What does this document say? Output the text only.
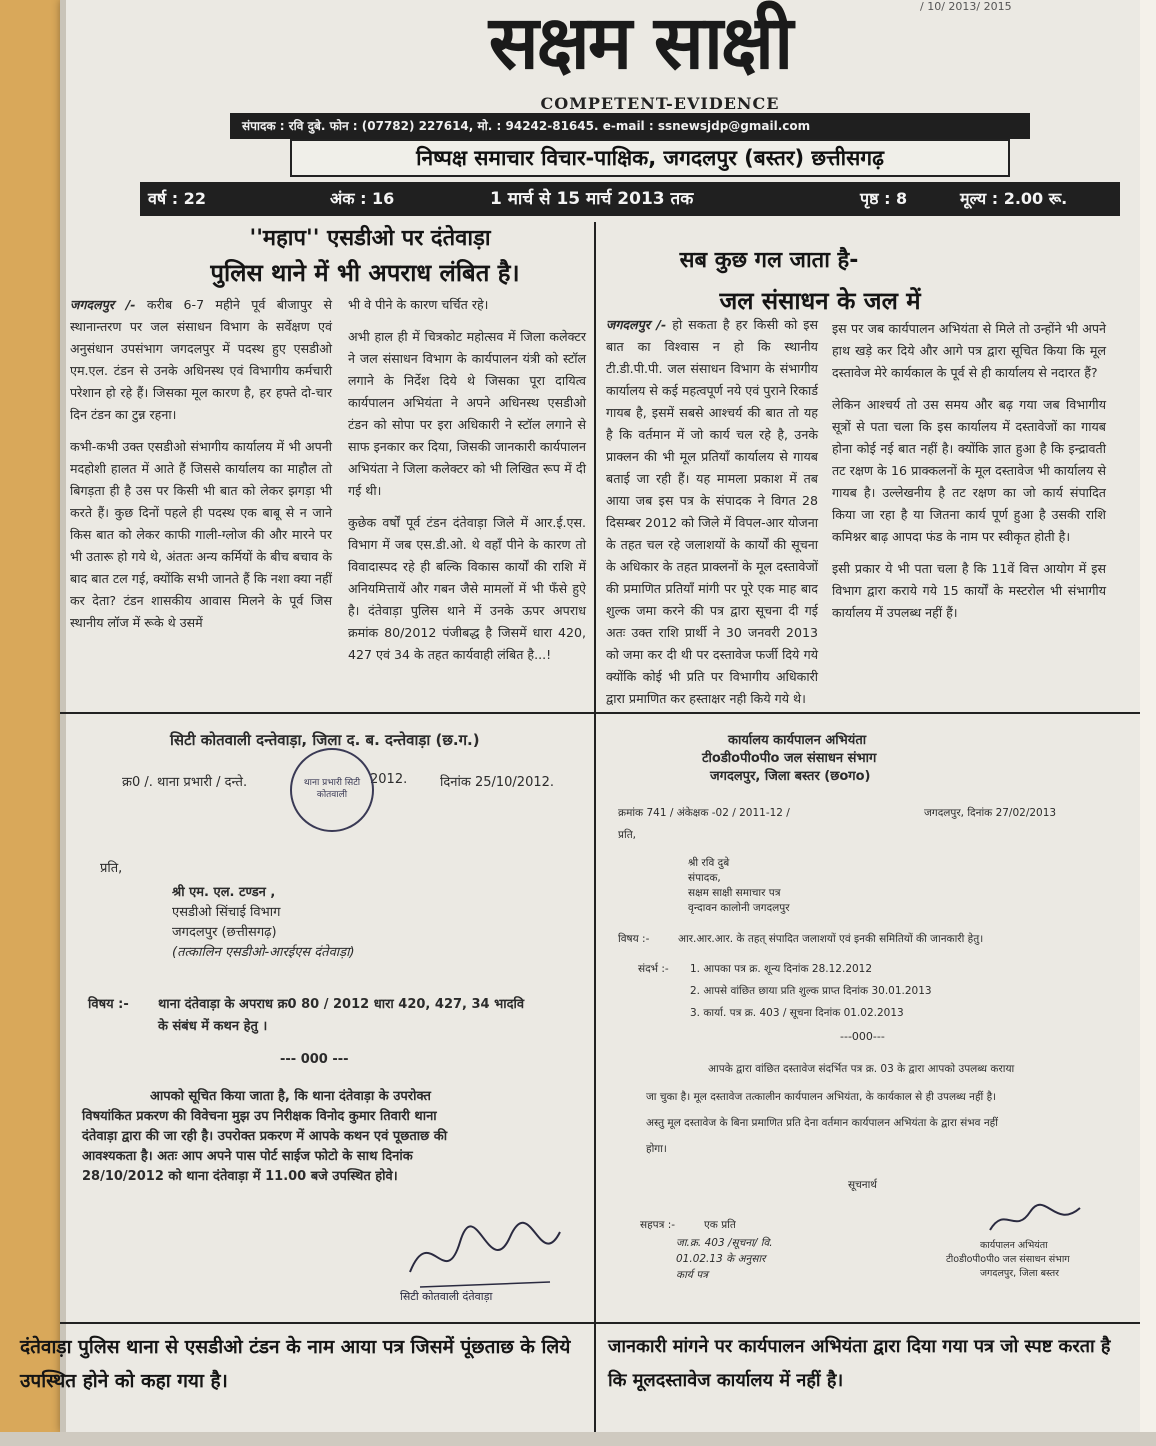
सक्षम साक्षी	/ 10/ 2013/ 2015
COMPETENT-EVIDENCE
संपादक : रवि दुबे. फोन : (07782) 227614, मो. : 94242-81645. e-mail : ssnewsjdp@gmail.com
निष्पक्ष समाचार विचार-पाक्षिक, जगदलपुर (बस्तर) छत्तीसगढ़
वर्ष : 22	अंक : 16	1 मार्च से 15 मार्च 2013 तक	पृष्ठ : 8	मूल्य : 2.00 रू.
''महाप'' एसडीओ पर दंतेवाड़ा
पुलिस थाने में भी अपराध लंबित है।

जगदलपुर /- करीब 6-7 महीने पूर्व बीजापुर से स्थानान्तरण पर जल संसाधन विभाग के सर्वेक्षण एवं अनुसंधान उपसंभाग जगदलपुर में पदस्थ हुए एसडीओ एम.एल. टंडन से उनके अधिनस्थ एवं विभागीय कर्मचारी परेशान हो रहे हैं। जिसका मूल कारण है, हर हफ्ते दो-चार दिन टंडन का टुन्न रहना।

कभी-कभी उक्त एसडीओ संभागीय कार्यालय में भी अपनी मदहोशी हालत में आते हैं जिससे कार्यालय का माहौल तो बिगड़ता ही है उस पर किसी भी बात को लेकर झगड़ा भी करते हैं। कुछ दिनों पहले ही पदस्थ एक बाबू से न जाने किस बात को लेकर काफी गाली-ग्लोज की और मारने पर भी उतारू हो गये थे, अंततः अन्य कर्मियों के बीच बचाव के बाद बात टल गई, क्योंकि सभी जानते हैं कि नशा क्या नहीं कर देता? टंडन शासकीय आवास मिलने के पूर्व जिस स्थानीय लॉज में रूके थे उसमें

भी वे पीने के कारण चर्चित रहे।

अभी हाल ही में चित्रकोट महोत्सव में जिला कलेक्टर ने जल संसाधन विभाग के कार्यपालन यंत्री को स्टॉल लगाने के निर्देश दिये थे जिसका पूरा दायित्व कार्यपालन अभियंता ने अपने अधिनस्थ एसडीओ टंडन को सोपा पर इरा अधिकारी ने स्टॉल लगाने से साफ इनकार कर दिया, जिसकी जानकारी कार्यपालन अभियंता ने जिला कलेक्टर को भी लिखित रूप में दी गई थी।

कुछेक वर्षों पूर्व टंडन दंतेवाड़ा जिले में आर.ई.एस. विभाग में जब एस.डी.ओ. थे वहाँ पीने के कारण तो विवादास्पद रहे ही बल्कि विकास कार्यों की राशि में अनियमित्तायें और गबन जैसे मामलों में भी फँसे हुऐ है। दंतेवाड़ा पुलिस थाने में उनके ऊपर अपराध क्रमांक 80/2012 पंजीबद्ध है जिसमें धारा 420, 427 एवं 34 के तहत कार्यवाही लंबित है...!

सब कुछ गल जाता है-
जल संसाधन के जल में

जगदलपुर /- हो सकता है हर किसी को इस बात का विश्वास न हो कि स्थानीय टी.डी.पी.पी. जल संसाधन विभाग के संभागीय कार्यालय से कई महत्वपूर्ण नये एवं पुराने रिकार्ड गायब है, इसमें सबसे आश्चर्य की बात तो यह है कि वर्तमान में जो कार्य चल रहे है, उनके प्राक्लन की भी मूल प्रतियाँ कार्यालय से गायब बताई जा रही हैं। यह मामला प्रकाश में तब आया जब इस पत्र के संपादक ने विगत 28 दिसम्बर 2012 को जिले में विपल-आर योजना के तहत चल रहे जलाशयों के कार्यों की सूचना के अधिकार के तहत प्राक्लनों के मूल दस्तावेजों की प्रमाणित प्रतियाँ मांगी पर पूरे एक माह बाद शुल्क जमा करने की पत्र द्वारा सूचना दी गई अतः उक्त राशि प्रार्थी ने 30 जनवरी 2013 को जमा कर दी थी पर दस्तावेज फर्जी दिये गये क्योंकि कोई भी प्रति पर विभागीय अधिकारी द्वारा प्रमाणित कर हस्ताक्षर नही किये गये थे।

इस पर जब कार्यपालन अभियंता से मिले तो उन्होंने भी अपने हाथ खड़े कर दिये और आगे पत्र द्वारा सूचित किया कि मूल दस्तावेज मेरे कार्यकाल के पूर्व से ही कार्यालय से नदारत हैं?

लेकिन आश्चर्य तो उस समय और बढ़ गया जब विभागीय सूत्रों से पता चला कि इस कार्यालय में दस्तावेजों का गायब होना कोई नई बात नहीं है। क्योंकि ज्ञात हुआ है कि इन्द्रावती तट रक्षण के 16 प्राक्कलनों के मूल दस्तावेज भी कार्यालय से गायब है। उल्लेखनीय है तट रक्षण का जो कार्य संपादित किया जा रहा है या जितना कार्य पूर्ण हुआ है उसकी राशि कमिश्नर बाढ़ आपदा फंड के नाम पर स्वीकृत होती है।

इसी प्रकार ये भी पता चला है कि 11वें वित्त आयोग में इस विभाग द्वारा कराये गये 15 कार्यों के मस्टरोल भी संभागीय कार्यालय में उपलब्ध नहीं हैं।

सिटी कोतवाली दन्तेवाड़ा, जिला द. ब. दन्तेवाड़ा (छ.ग.)
क्र0 /. थाना प्रभारी / दन्ते.	2012.	दिनांक 25/10/2012.
थाना प्रभारी सिटी कोतवाली
प्रति,
श्री एम. एल. टण्डन ,
एसडीओ सिंचाई विभाग
जगदलपुर (छत्तीसगढ़)
(तत्कालिन एसडीओ-आरईएस दंतेवाड़ा)
विषय :- थाना दंतेवाड़ा के अपराध क्र0 80 / 2012 धारा 420, 427, 34 भादवि
के संबंध में कथन हेतु ।
--- 000 ---
आपको सूचित किया जाता है, कि थाना दंतेवाड़ा के उपरोक्त
विषयांकित प्रकरण की विवेचना मुझ उप निरीक्षक विनोद कुमार तिवारी थाना
दंतेवाड़ा द्वारा की जा रही है। उपरोक्त प्रकरण में आपके कथन एवं पूछताछ की
आवश्यकता है। अतः आप अपने पास पोर्ट साईज फोटो के साथ दिनांक
28/10/2012 को थाना दंतेवाड़ा में 11.00 बजे उपस्थित होवे।
सिटी कोतवाली दंतेवाड़ा
कार्यालय कार्यपालन अभियंता
टीoडीoपीoपीo जल संसाधन संभाग
जगदलपुर, जिला बस्तर (छoगo)
क्रमांक 741 / अंकेक्षक -02 / 2011-12 /	जगदलपुर, दिनांक 27/02/2013
प्रति,
श्री रवि दुबे
संपादक,
सक्षम साक्षी समाचार पत्र
वृन्दावन कालोनी जगदलपुर
विषय :-	आर.आर.आर. के तहत् संपादित जलाशयों एवं इनकी समितियों की जानकारी हेतु।
संदर्भ :- 1. आपका पत्र क्र. शून्य दिनांक 28.12.2012
2. आपसे वांछित छाया प्रति शुल्क प्राप्त दिनांक 30.01.2013
3. कार्या. पत्र क्र. 403 / सूचना दिनांक 01.02.2013
---000---
आपके द्वारा वांछित दस्तावेज संदर्भित पत्र क्र. 03 के द्वारा आपको उपलब्ध कराया
जा चुका है। मूल दस्तावेज तत्कालीन कार्यपालन अभियंता, के कार्यकाल से ही उपलब्ध नहीं है।
अस्तु मूल दस्तावेज के बिना प्रमाणित प्रति देना वर्तमान कार्यपालन अभियंता के द्वारा संभव नहीं
होगा।
सूचनार्थ
सहपत्र :-	एक प्रति
जा.क्र. 403 /सूचना/ वि.
01.02.13 के अनुसार
कार्य पत्र
कार्यपालन अभियंता
टीoडीoपीoपीo जल संसाधन संभाग
जगदलपुर, जिला बस्तर
दंतेवाड़ा पुलिस थाना से एसडीओ टंडन के नाम आया पत्र जिसमें पूंछताछ के लिये उपस्थित होने को कहा गया है।
जानकारी मांगने पर कार्यपालन अभियंता द्वारा दिया गया पत्र जो स्पष्ट करता है कि मूलदस्तावेज कार्यालय में नहीं है।
